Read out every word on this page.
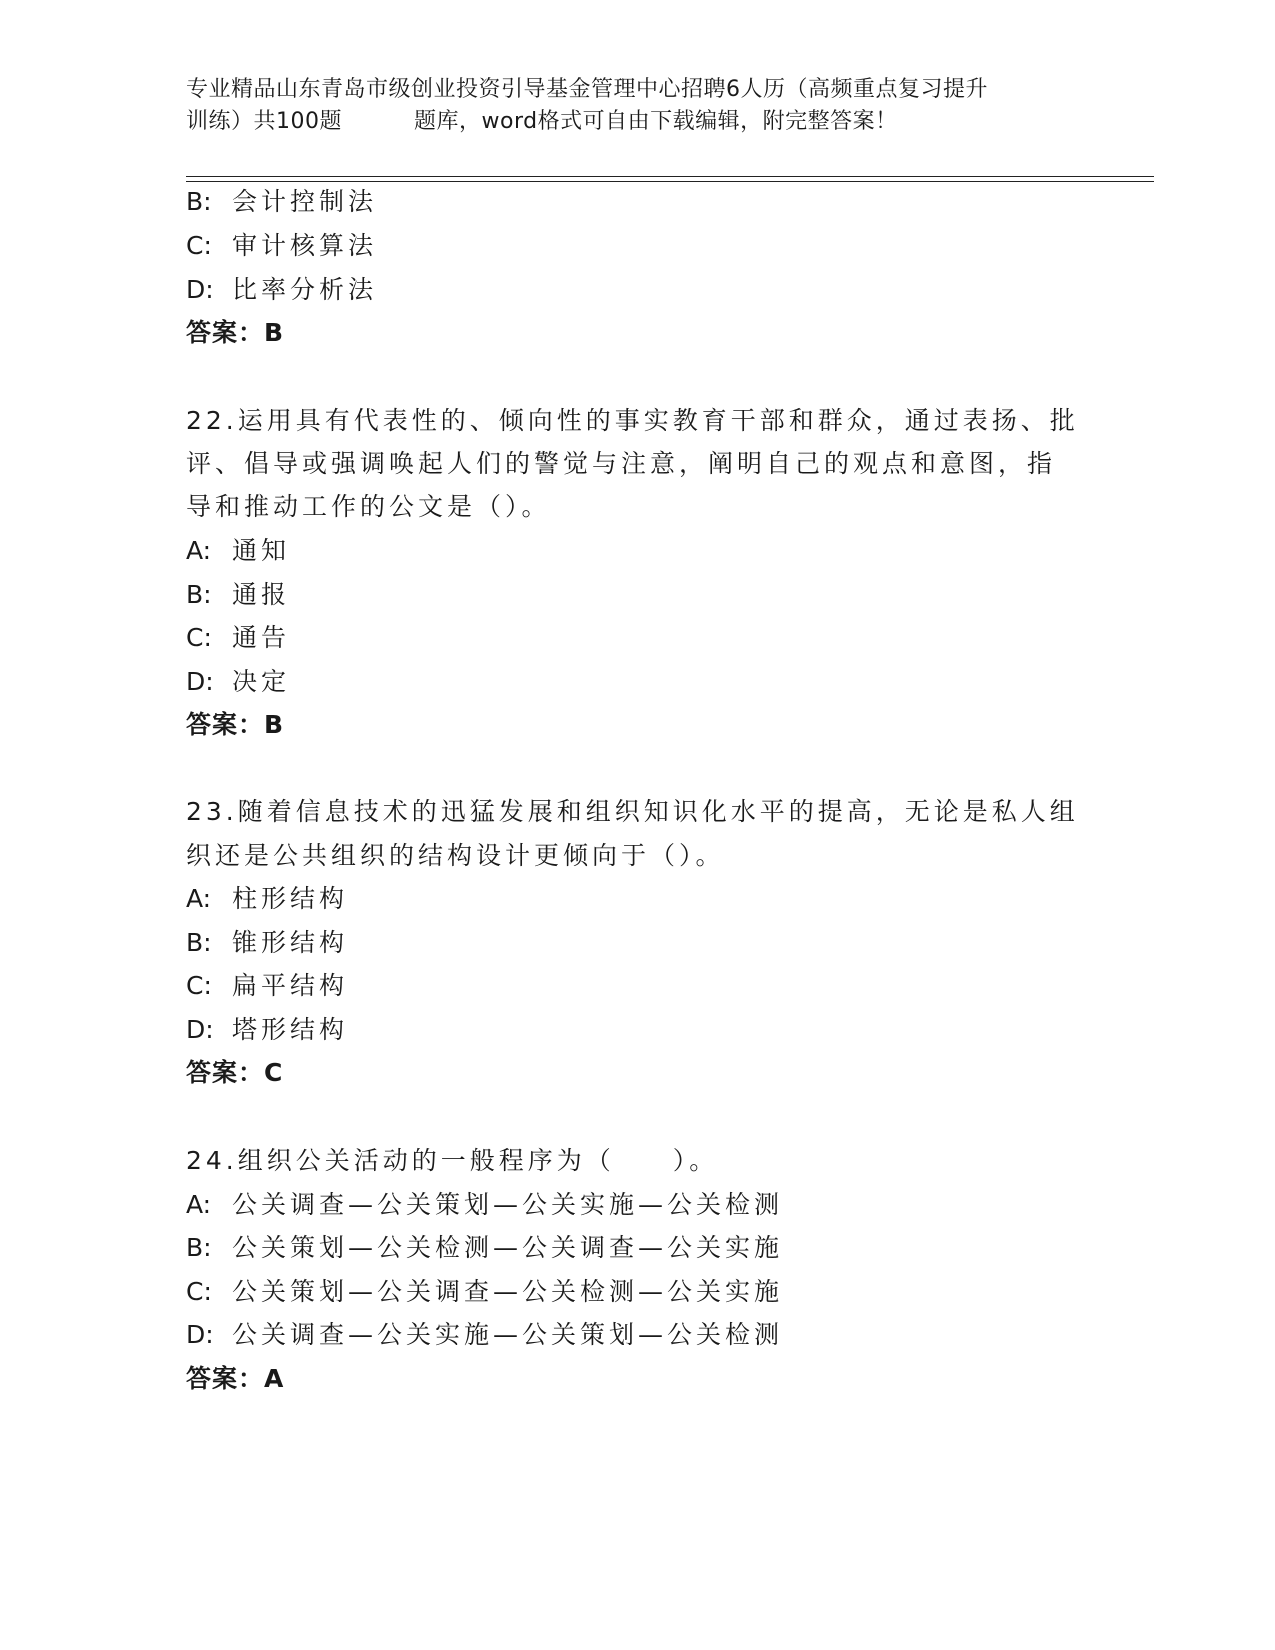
专业精品山东青岛市级创业投资引导基金管理中心招聘6人历（高频重点复习提升
训练）共100题	题库，word格式可自由下载编辑，附完整答案！
B: 会计控制法
C: 审计核算法
D: 比率分析法
答案：B
22.运用具有代表性的、倾向性的事实教育干部和群众，通过表扬、批
评、倡导或强调唤起人们的警觉与注意，阐明自己的观点和意图，指
导和推动工作的公文是（）。
A: 通知
B: 通报
C: 通告
D: 决定
答案：B
23.随着信息技术的迅猛发展和组织知识化水平的提高，无论是私人组
织还是公共组织的结构设计更倾向于（）。
A: 柱形结构
B: 锥形结构
C: 扁平结构
D: 塔形结构
答案：C
24.组织公关活动的一般程序为（　　）。
A: 公关调查—公关策划—公关实施—公关检测
B: 公关策划—公关检测—公关调查—公关实施
C: 公关策划—公关调查—公关检测—公关实施
D: 公关调查—公关实施—公关策划—公关检测
答案：A
